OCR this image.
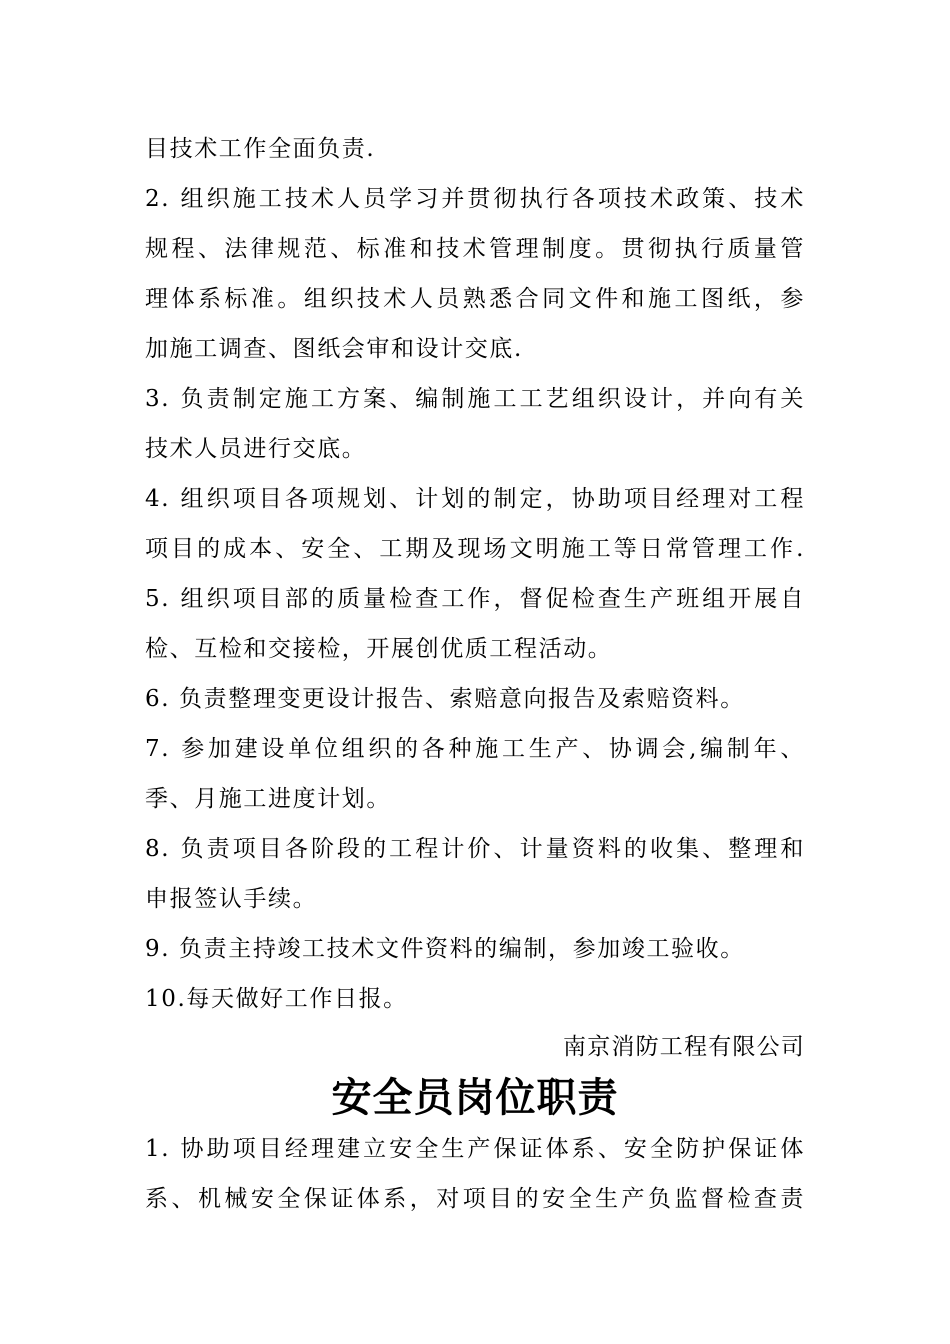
目技术工作全面负责.
2. 组织施工技术人员学习并贯彻执行各项技术政策、技术
规程、法律规范、标准和技术管理制度。贯彻执行质量管
理体系标准。组织技术人员熟悉合同文件和施工图纸，参
加施工调查、图纸会审和设计交底.
3. 负责制定施工方案、编制施工工艺组织设计，并向有关
技术人员进行交底。
4. 组织项目各项规划、计划的制定，协助项目经理对工程
项目的成本、安全、工期及现场文明施工等日常管理工作.
5. 组织项目部的质量检查工作，督促检查生产班组开展自
检、互检和交接检，开展创优质工程活动。
6. 负责整理变更设计报告、索赔意向报告及索赔资料。
7. 参加建设单位组织的各种施工生产、协调会,编制年、
季、月施工进度计划。
8. 负责项目各阶段的工程计价、计量资料的收集、整理和
申报签认手续。
9. 负责主持竣工技术文件资料的编制，参加竣工验收。
10.每天做好工作日报。
南京消防工程有限公司
安全员岗位职责
1. 协助项目经理建立安全生产保证体系、安全防护保证体
系、机械安全保证体系，对项目的安全生产负监督检查责
